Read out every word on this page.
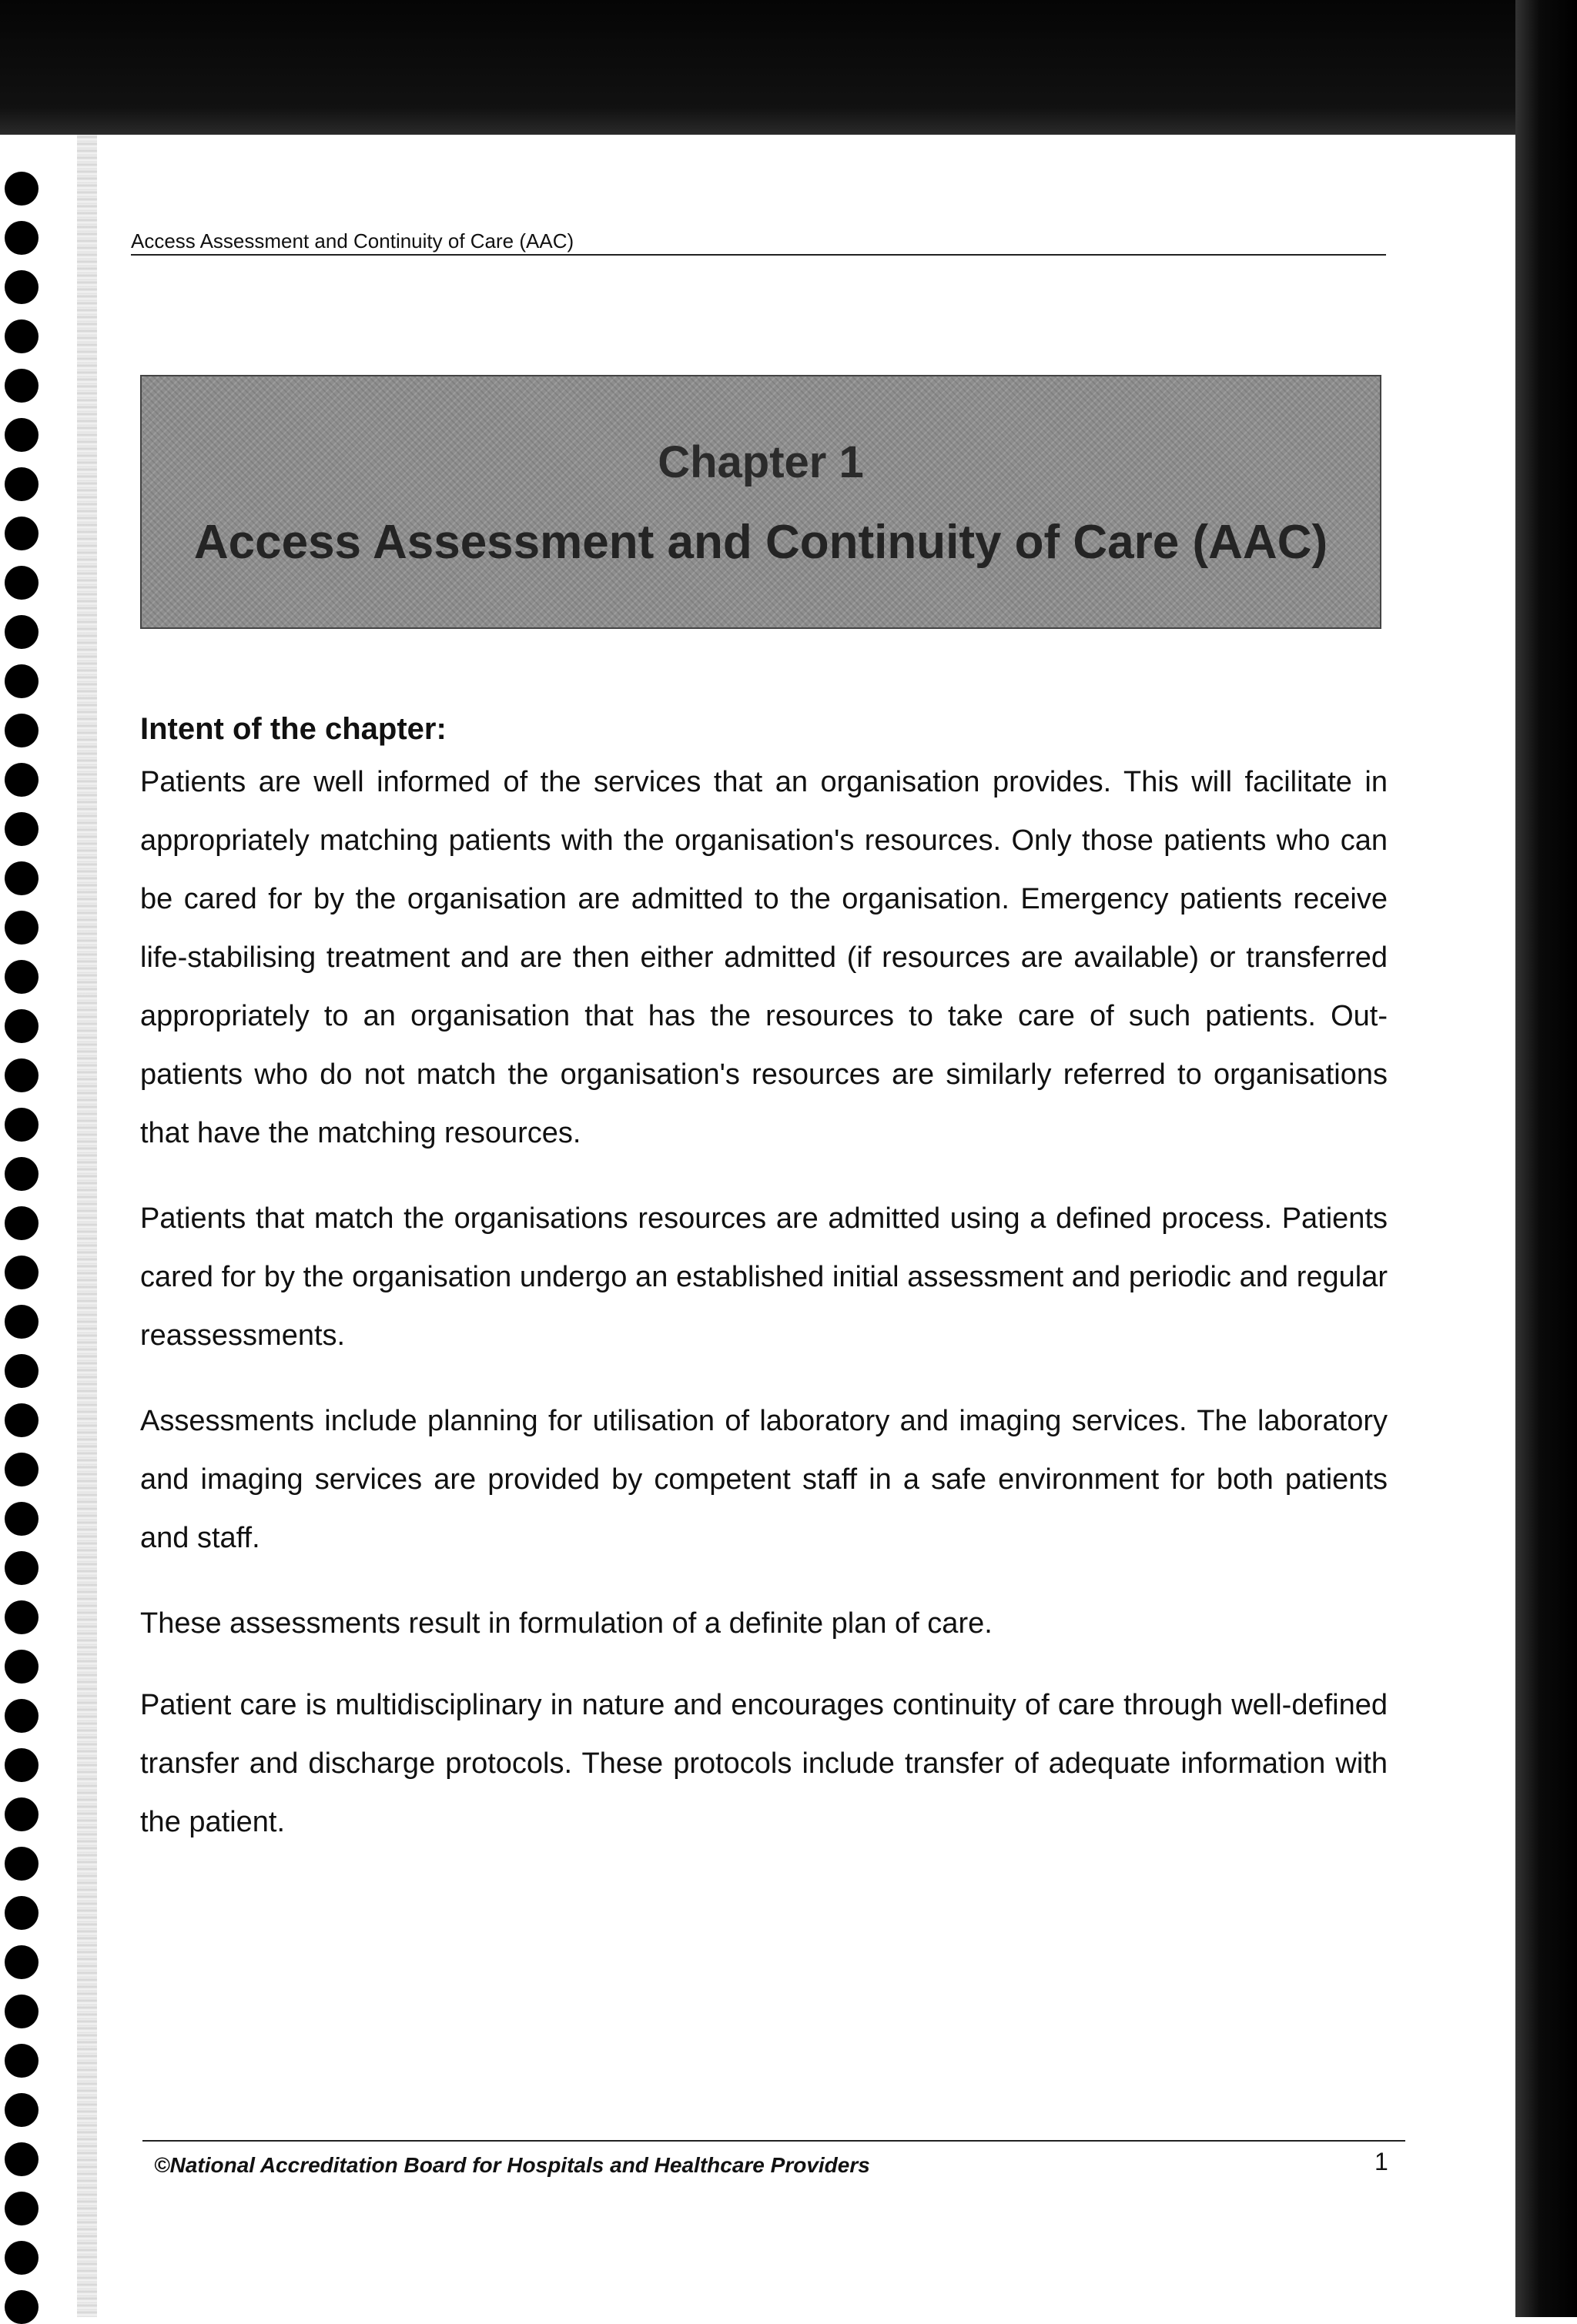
Access Assessment and Continuity of Care (AAC)
Chapter 1
Access Assessment and Continuity of Care (AAC)
Intent of the chapter:

Patients are well informed of the services that an organisation provides. This will facilitate in appropriately matching patients with the organisation's resources. Only those patients who can be cared for by the organisation are admitted to the organisation. Emergency patients receive life-stabilising treatment and are then either admitted (if resources are available) or transferred appropriately to an organisation that has the resources to take care of such patients. Out-patients who do not match the organisation's resources are similarly referred to organisations that have the matching resources.

Patients that match the organisations resources are admitted using a defined process. Patients cared for by the organisation undergo an established initial assessment and periodic and regular reassessments.

Assessments include planning for utilisation of laboratory and imaging services. The laboratory and imaging services are provided by competent staff in a safe environment for both patients and staff.

These assessments result in formulation of a definite plan of care.

Patient care is multidisciplinary in nature and encourages continuity of care through well-defined transfer and discharge protocols. These protocols include transfer of adequate information with the patient.

©National Accreditation Board for Hospitals and Healthcare Providers	1
